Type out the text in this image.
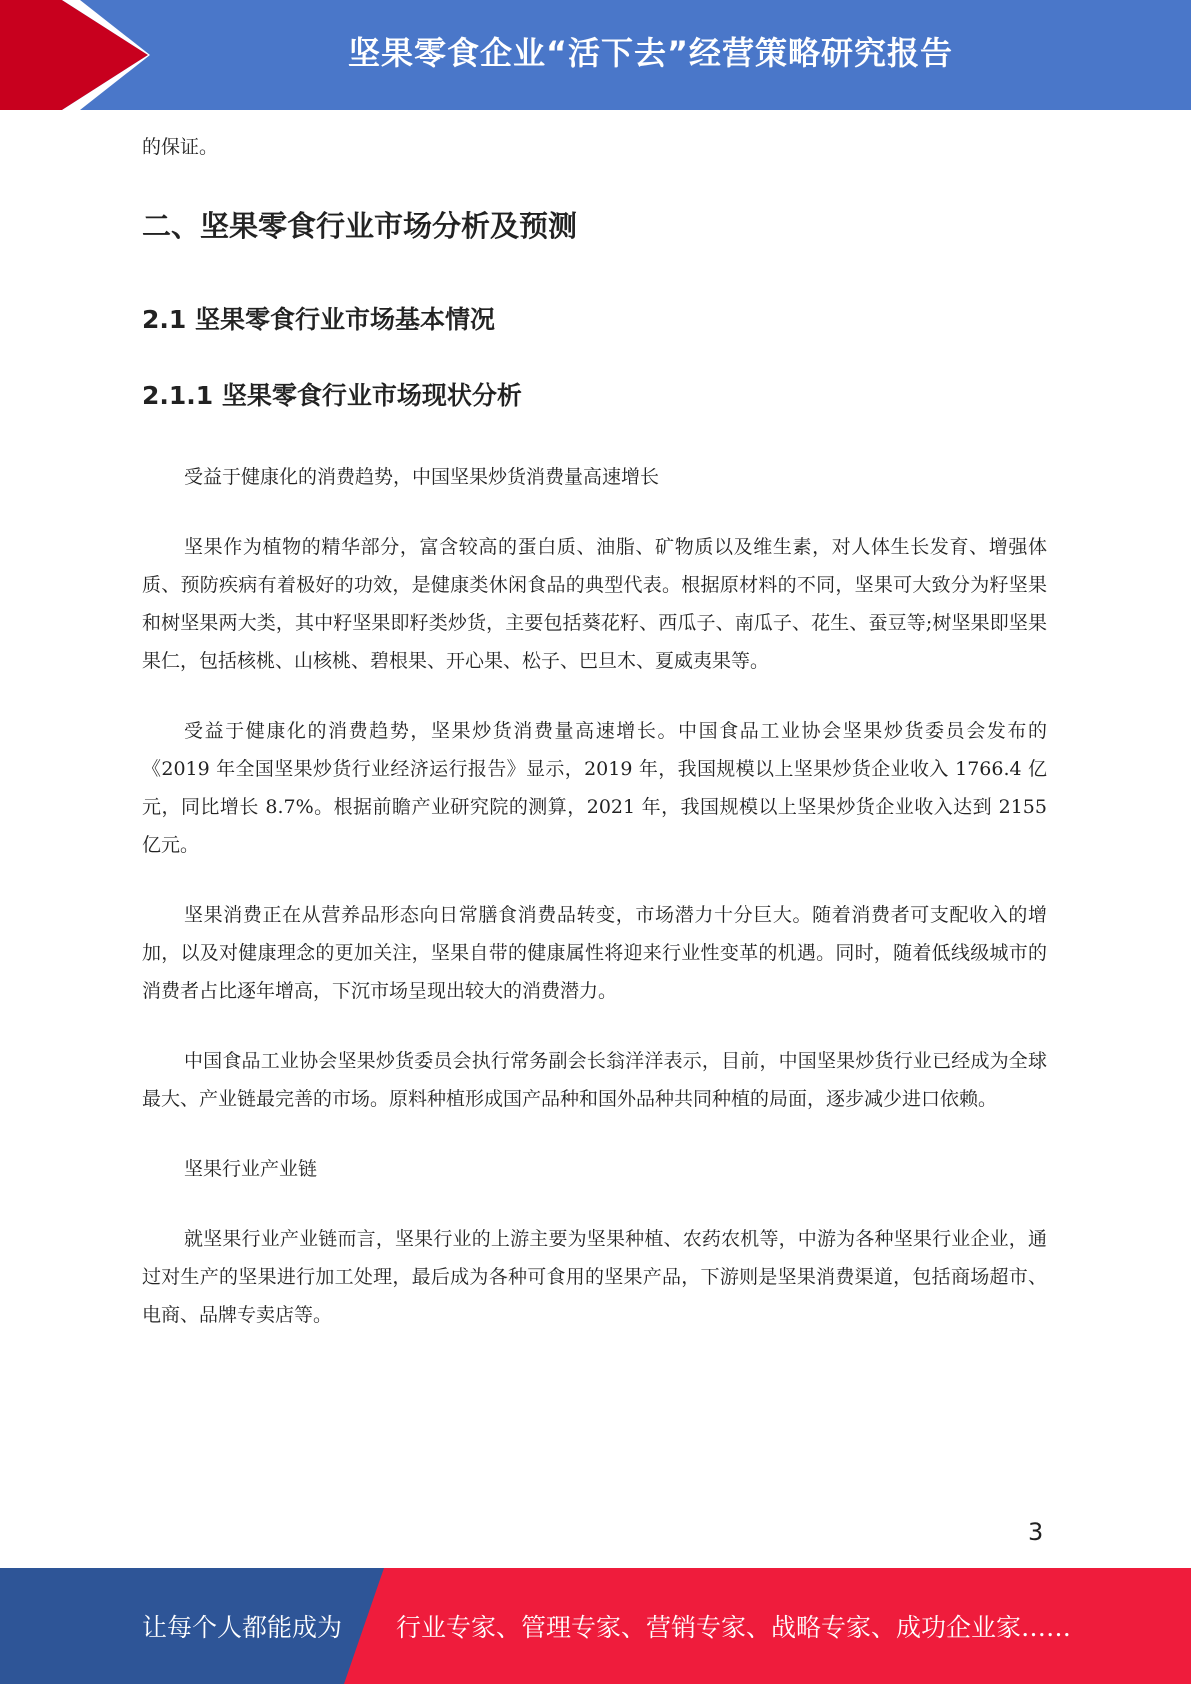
坚果零食企业“活下去”经营策略研究报告

的保证。

二、坚果零食行业市场分析及预测
2.1 坚果零食行业市场基本情况
2.1.1 坚果零食行业市场现状分析

受益于健康化的消费趋势，中国坚果炒货消费量高速增长

坚果作为植物的精华部分，富含较高的蛋白质、油脂、矿物质以及维生素，对人体生长发育、增强体质、预防疾病有着极好的功效，是健康类休闲食品的典型代表。根据原材料的不同，坚果可大致分为籽坚果和树坚果两大类，其中籽坚果即籽类炒货，主要包括葵花籽、西瓜子、南瓜子、花生、蚕豆等;树坚果即坚果果仁，包括核桃、山核桃、碧根果、开心果、松子、巴旦木、夏威夷果等。

受益于健康化的消费趋势，坚果炒货消费量高速增长。中国食品工业协会坚果炒货委员会发布的《2019 年全国坚果炒货行业经济运行报告》显示，2019 年，我国规模以上坚果炒货企业收入 1766.4 亿元，同比增长 8.7%。根据前瞻产业研究院的测算，2021 年，我国规模以上坚果炒货企业收入达到 2155 亿元。

坚果消费正在从营养品形态向日常膳食消费品转变，市场潜力十分巨大。随着消费者可支配收入的增加，以及对健康理念的更加关注，坚果自带的健康属性将迎来行业性变革的机遇。同时，随着低线级城市的消费者占比逐年增高，下沉市场呈现出较大的消费潜力。

中国食品工业协会坚果炒货委员会执行常务副会长翁洋洋表示，目前，中国坚果炒货行业已经成为全球最大、产业链最完善的市场。原料种植形成国产品种和国外品种共同种植的局面，逐步减少进口依赖。

坚果行业产业链

就坚果行业产业链而言，坚果行业的上游主要为坚果种植、农药农机等，中游为各种坚果行业企业，通过对生产的坚果进行加工处理，最后成为各种可食用的坚果产品，下游则是坚果消费渠道，包括商场超市、电商、品牌专卖店等。

3
让每个人都能成为 行业专家、管理专家、营销专家、战略专家、成功企业家……
